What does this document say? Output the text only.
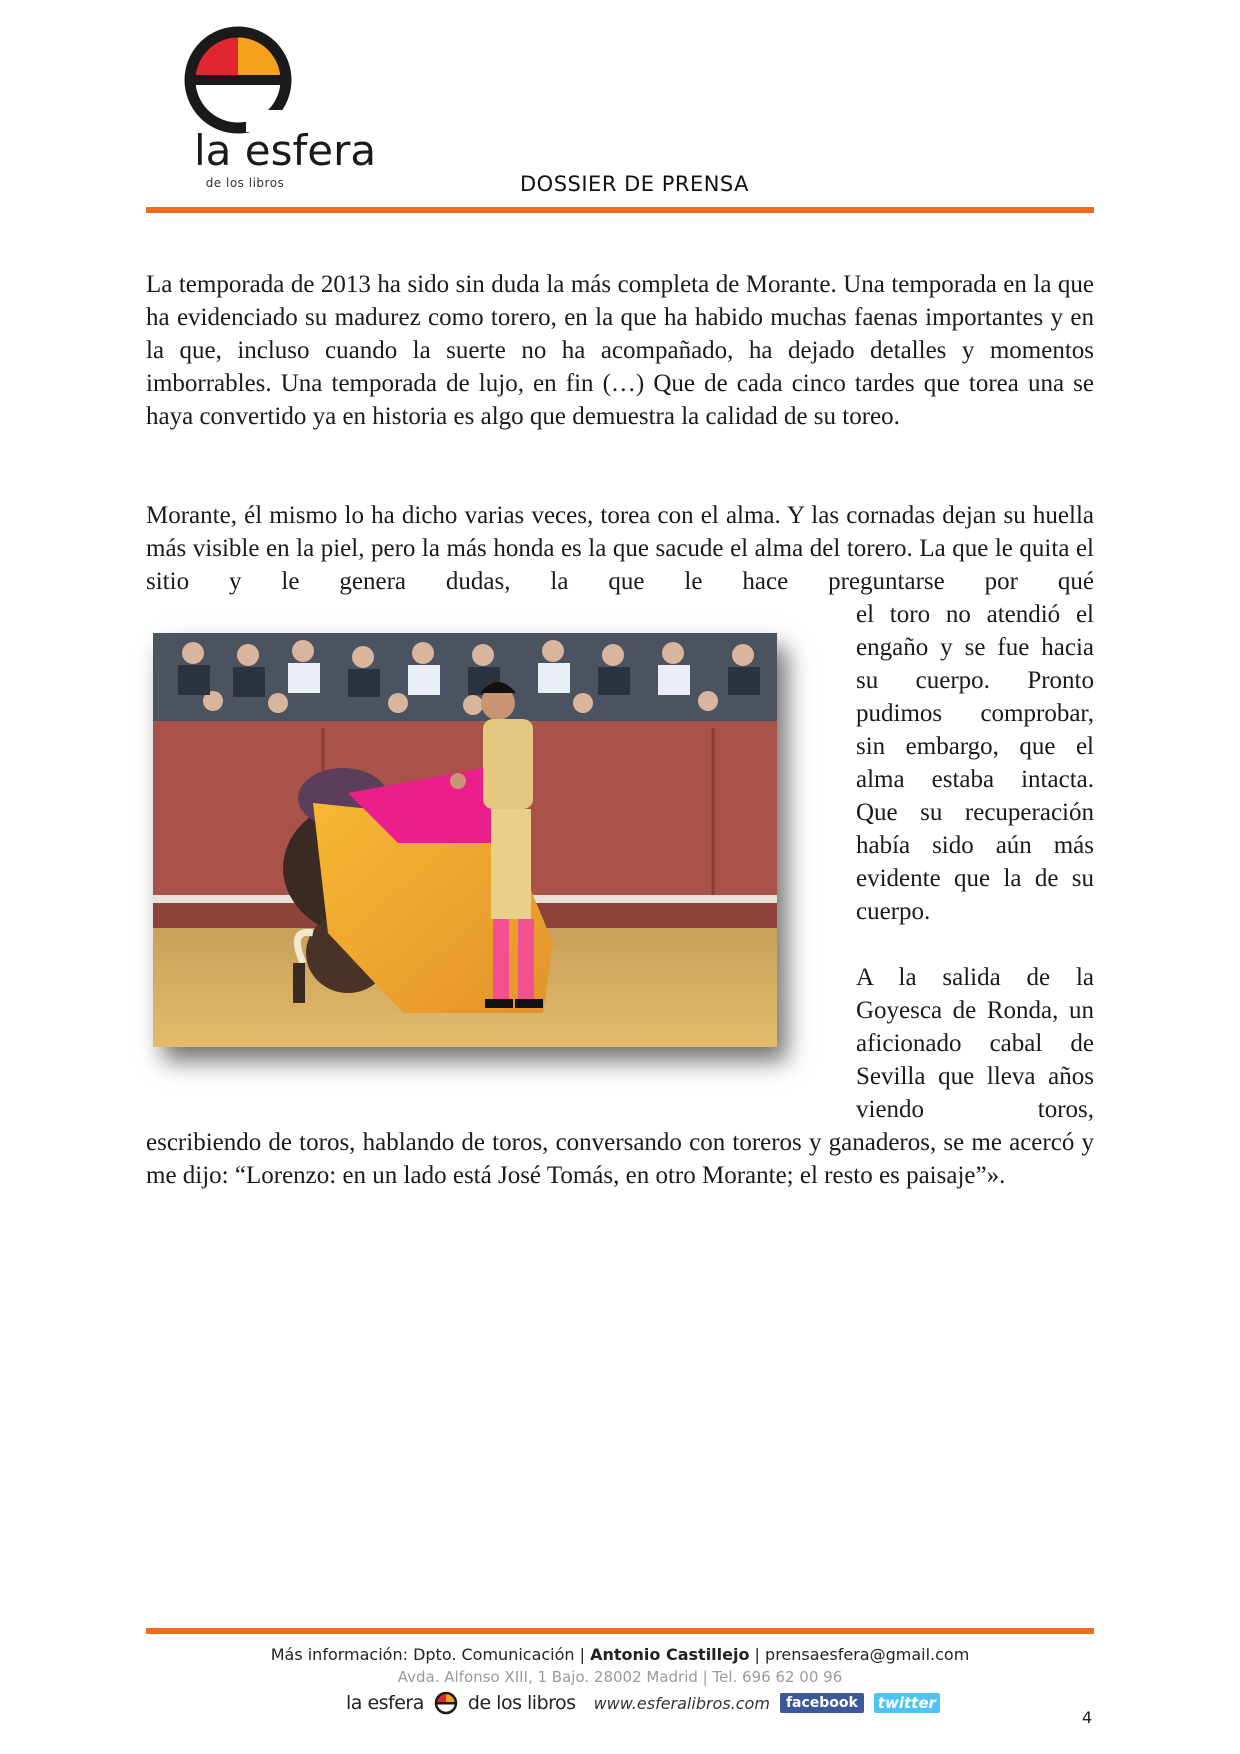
la esfera
de los libros	DOSSIER DE PRENSA

La temporada de 2013 ha sido sin duda la más completa de Morante. Una temporada en la que ha evidenciado su madurez como torero, en la que ha habido muchas faenas importantes y en la que, incluso cuando la suerte no ha acompañado, ha dejado detalles y momentos imborrables. Una temporada de lujo, en fin (…) Que de cada cinco tardes que torea una se haya convertido ya en historia es algo que demuestra la calidad de su toreo.

Morante, él mismo lo ha dicho varias veces, torea con el alma. Y las cornadas dejan su huella más visible en la piel, pero la más honda es la que sacude el alma del torero. La que le quita el sitio y le genera dudas, la que le hace preguntarse por qué

el toro no atendió el engaño y se fue hacia su cuerpo. Pronto pudimos comprobar, sin embargo, que el alma estaba intacta. Que su recuperación había sido aún más evidente que la de su cuerpo.

A la salida de la Goyesca de Ronda, un aficionado cabal de Sevilla que lleva años viendo toros,

escribiendo de toros, hablando de toros, conversando con toreros y ganaderos, se me acercó y me dijo: “Lorenzo: en un lado está José Tomás, en otro Morante; el resto es paisaje”».

Más información: Dpto. Comunicación | Antonio Castillejo | prensaesfera@gmail.com
Avda. Alfonso XIII, 1 Bajo. 28002 Madrid | Tel. 696 62 00 96
la esfera de los libros www.esferalibros.com	facebook	twitter
4
